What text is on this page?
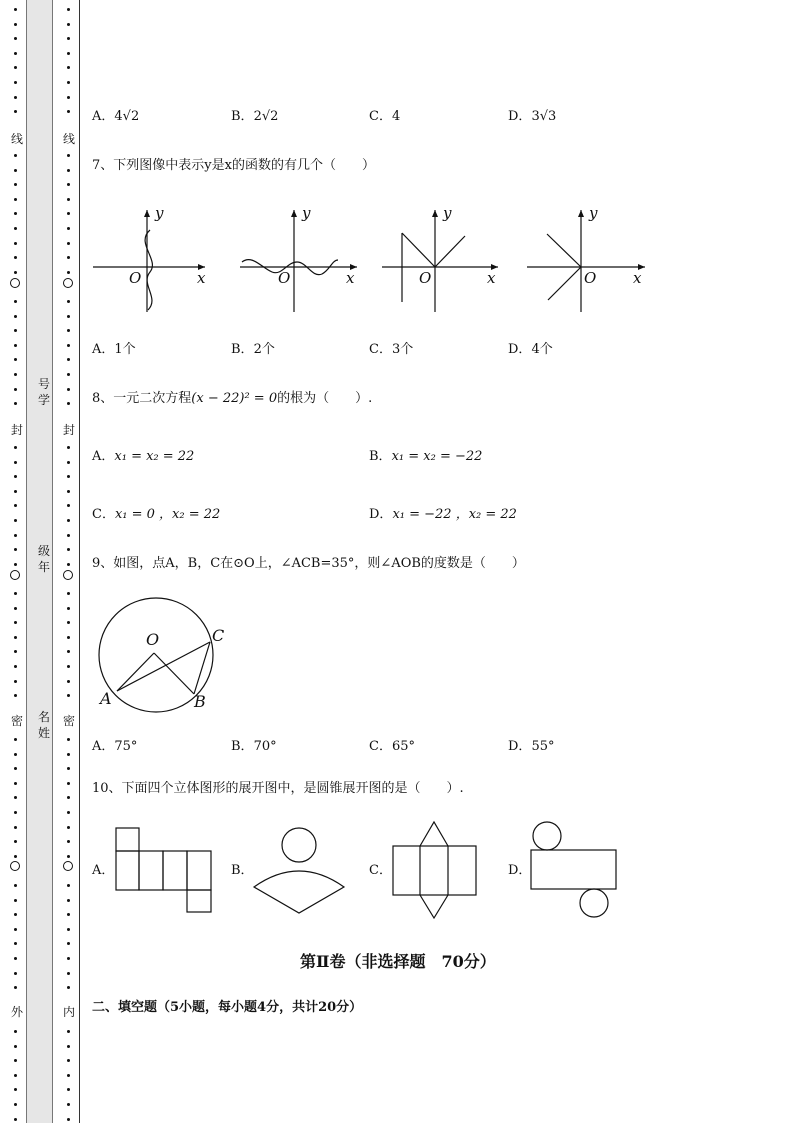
线
封
密
外
线
封
密
内
号学
级年
名姓
A．4√2	B．2√2	C．4	D．3√3
7、下列图像中表示y是x的函数的有几个（　　）
y
x
O
y
x
O
y
x
O
y
x
O
O
A	B
C
A．1个	B．2个	C．3个	D．4个
8、一元二次方程(x − 22)² = 0的根为（　　）.
A．x₁ = x₂ = 22	B．x₁ = x₂ = −22
C．x₁ = 0 ，x₂ = 22	D．x₁ = −22 ，x₂ = 22
9、如图，点A，B，C在⊙O上，∠ACB=35°，则∠AOB的度数是（　　）
A．75°	B．70°	C．65°	D．55°
10、下面四个立体图形的展开图中，是圆锥展开图的是（　　）.
A．	B．	C．	D．
第Ⅱ卷（非选择题　70分）
二、填空题（5小题，每小题4分，共计20分）
